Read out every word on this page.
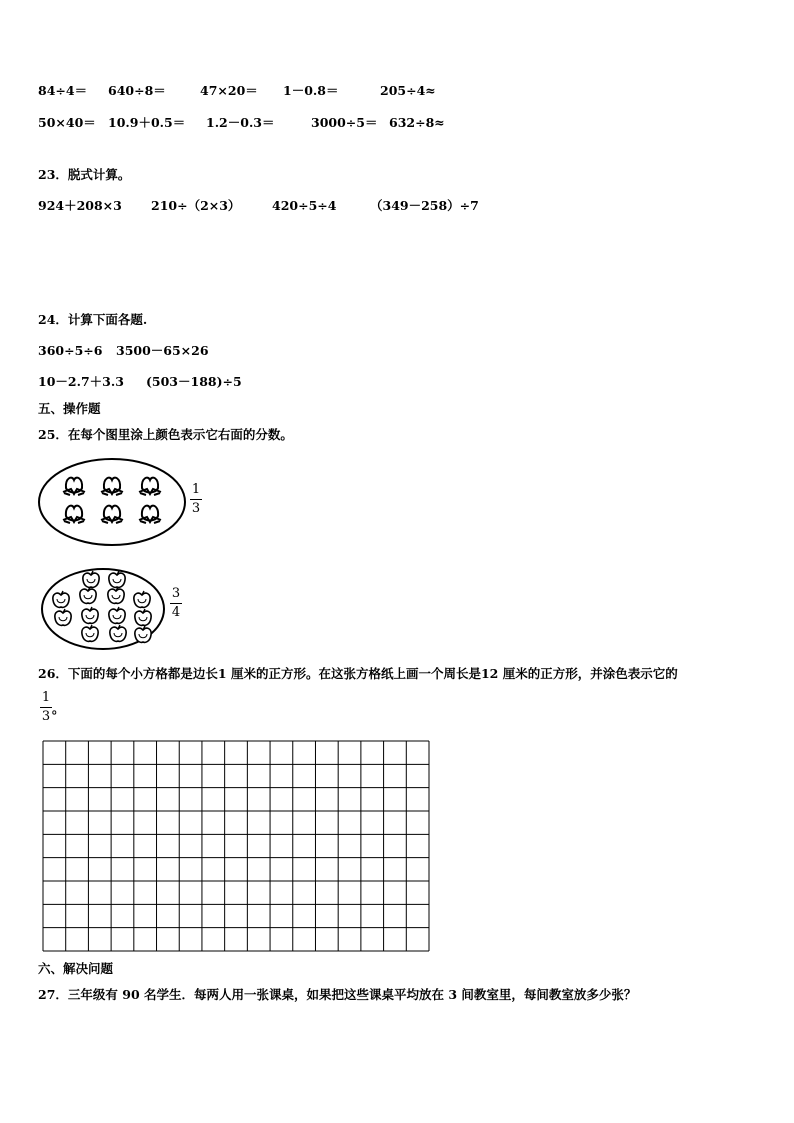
84÷4＝ 640÷8＝	47×20＝ 1－0.8＝	205÷4≈
50×40＝ 10.9＋0.5＝ 1.2－0.3＝	3000÷5＝ 632÷8≈
23．脱式计算。
924＋208×3 210÷（2×3）	420÷5÷4	（349－258）÷7
24．计算下面各题.
360÷5÷6 3500－65×26
10－2.7＋3.3 (503－188)÷5
五、操作题
25．在每个图里涂上颜色表示它右面的分数。
1
3
3
4
26．下面的每个小方格都是边长1 厘米的正方形。在这张方格纸上画一个周长是12 厘米的正方形，并涂色表示它的
1
3
。
六、解决问题
27．三年级有 90 名学生．每两人用一张课桌，如果把这些课桌平均放在 3 间教室里，每间教室放多少张？
